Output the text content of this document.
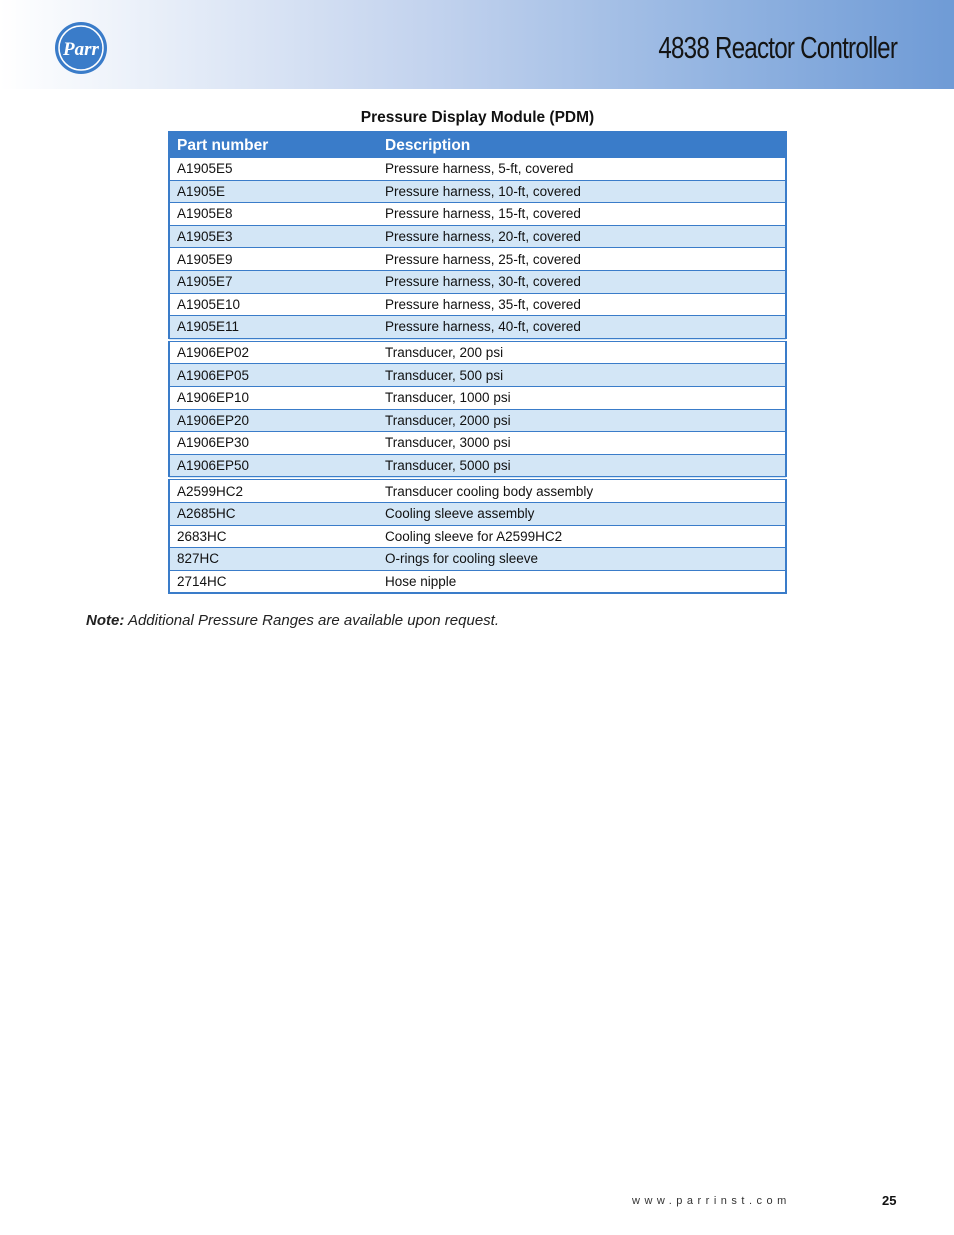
Parr	4838 Reactor Controller
Pressure Display Module (PDM)
Part number	Description
A1905E5	Pressure harness, 5-ft, covered
A1905E	Pressure harness, 10-ft, covered
A1905E8	Pressure harness, 15-ft, covered
A1905E3	Pressure harness, 20-ft, covered
A1905E9	Pressure harness, 25-ft, covered
A1905E7	Pressure harness, 30-ft, covered
A1905E10	Pressure harness, 35-ft, covered
A1905E11	Pressure harness, 40-ft, covered
A1906EP02	Transducer, 200 psi
A1906EP05	Transducer, 500 psi
A1906EP10	Transducer, 1000 psi
A1906EP20	Transducer, 2000 psi
A1906EP30	Transducer, 3000 psi
A1906EP50	Transducer, 5000 psi
A2599HC2	Transducer cooling body assembly
A2685HC	Cooling sleeve assembly
2683HC	Cooling sleeve for A2599HC2
827HC	O-rings for cooling sleeve
2714HC	Hose nipple
Note: Additional Pressure Ranges are available upon request.
www.parrinst.com	25
